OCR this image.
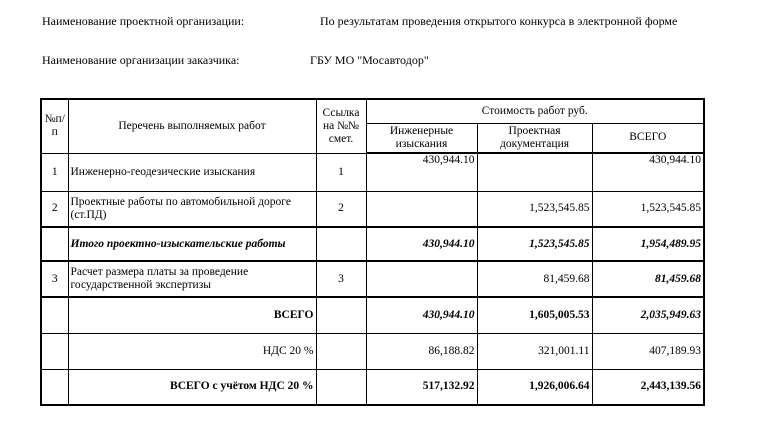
Наименование проектной организации:	По результатам проведения открытого конкурса в электронной форме
Наименование организации заказчика:	ГБУ МО "Мосавтодор"
№п/п	Перечень выполняемых работ	Ссылка на №№ смет.	Стоимость работ руб.		
			Инженерные изыскания	Проектная документация	ВСЕГО
1	Инженерно-геодезические изыскания	1	430,944.10		430,944.10
2	Проектные работы по автомобильной дороге (ст.ПД)	2		1,523,545.85	1,523,545.85
	Итого проектно-изыскательские работы		430,944.10	1,523,545.85	1,954,489.95
3	Расчет размера платы за проведение государственной экспертизы	3		81,459.68	81,459.68
	ВСЕГО		430,944.10	1,605,005.53	2,035,949.63
	НДС 20 %		86,188.82	321,001.11	407,189.93
	ВСЕГО с учётом НДС 20 %		517,132.92	1,926,006.64	2,443,139.56
